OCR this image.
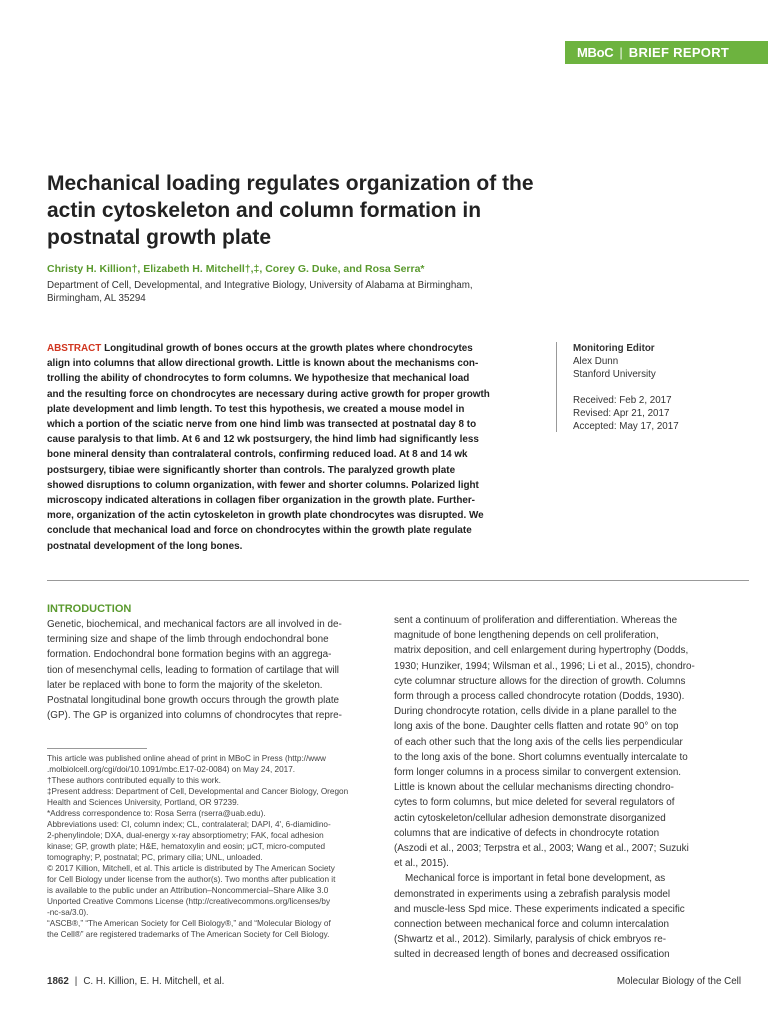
MBoC | BRIEF REPORT
Mechanical loading regulates organization of the
actin cytoskeleton and column formation in
postnatal growth plate
Christy H. Killion†, Elizabeth H. Mitchell†,‡, Corey G. Duke, and Rosa Serra*
Department of Cell, Developmental, and Integrative Biology, University of Alabama at Birmingham,
Birmingham, AL 35294
ABSTRACT Longitudinal growth of bones occurs at the growth plates where chondrocytes
align into columns that allow directional growth. Little is known about the mechanisms con-
trolling the ability of chondrocytes to form columns. We hypothesize that mechanical load
and the resulting force on chondrocytes are necessary during active growth for proper growth
plate development and limb length. To test this hypothesis, we created a mouse model in
which a portion of the sciatic nerve from one hind limb was transected at postnatal day 8 to
cause paralysis to that limb. At 6 and 12 wk postsurgery, the hind limb had significantly less
bone mineral density than contralateral controls, confirming reduced load. At 8 and 14 wk
postsurgery, tibiae were significantly shorter than controls. The paralyzed growth plate
showed disruptions to column organization, with fewer and shorter columns. Polarized light
microscopy indicated alterations in collagen fiber organization in the growth plate. Further-
more, organization of the actin cytoskeleton in growth plate chondrocytes was disrupted. We
conclude that mechanical load and force on chondrocytes within the growth plate regulate
postnatal development of the long bones.
Monitoring Editor
Alex Dunn
Stanford University
Received: Feb 2, 2017
Revised: Apr 21, 2017
Accepted: May 17, 2017
INTRODUCTION
Genetic, biochemical, and mechanical factors are all involved in de-
termining size and shape of the limb through endochondral bone
formation. Endochondral bone formation begins with an aggrega-
tion of mesenchymal cells, leading to formation of cartilage that will
later be replaced with bone to form the majority of the skeleton.
Postnatal longitudinal bone growth occurs through the growth plate
(GP). The GP is organized into columns of chondrocytes that repre-
sent a continuum of proliferation and differentiation. Whereas the
magnitude of bone lengthening depends on cell proliferation,
matrix deposition, and cell enlargement during hypertrophy (Dodds,
1930; Hunziker, 1994; Wilsman et al., 1996; Li et al., 2015), chondro-
cyte columnar structure allows for the direction of growth. Columns
form through a process called chondrocyte rotation (Dodds, 1930).
During chondrocyte rotation, cells divide in a plane parallel to the
long axis of the bone. Daughter cells flatten and rotate 90° on top
of each other such that the long axis of the cells lies perpendicular
to the long axis of the bone. Short columns eventually intercalate to
form longer columns in a process similar to convergent extension.
Little is known about the cellular mechanisms directing chondro-
cytes to form columns, but mice deleted for several regulators of
actin cytoskeleton/cellular adhesion demonstrate disorganized
columns that are indicative of defects in chondrocyte rotation
(Aszodi et al., 2003; Terpstra et al., 2003; Wang et al., 2007; Suzuki
et al., 2015).
Mechanical force is important in fetal bone development, as
demonstrated in experiments using a zebrafish paralysis model
and muscle-less Spd mice. These experiments indicated a specific
connection between mechanical force and column intercalation
(Shwartz et al., 2012). Similarly, paralysis of chick embryos re-
sulted in decreased length of bones and decreased ossification
This article was published online ahead of print in MBoC in Press (http://www
.molbiolcell.org/cgi/doi/10.1091/mbc.E17-02-0084) on May 24, 2017.
†These authors contributed equally to this work.
‡Present address: Department of Cell, Developmental and Cancer Biology, Oregon
Health and Sciences University, Portland, OR 97239.
*Address correspondence to: Rosa Serra (rserra@uab.edu).
Abbreviations used: CI, column index; CL, contralateral; DAPI, 4', 6-diamidino-
2-phenylindole; DXA, dual-energy x-ray absorptiometry; FAK, focal adhesion
kinase; GP, growth plate; H&E, hematoxylin and eosin; μCT, micro-computed
tomography; P, postnatal; PC, primary cilia; UNL, unloaded.
© 2017 Killion, Mitchell, et al. This article is distributed by The American Society
for Cell Biology under license from the author(s). Two months after publication it
is available to the public under an Attribution–Noncommercial–Share Alike 3.0
Unported Creative Commons License (http://creativecommons.org/licenses/by
-nc-sa/3.0).
“ASCB®,” “The American Society for Cell Biology®,” and “Molecular Biology of
the Cell®” are registered trademarks of The American Society for Cell Biology.
1862 | C. H. Killion, E. H. Mitchell, et al.	Molecular Biology of the Cell
